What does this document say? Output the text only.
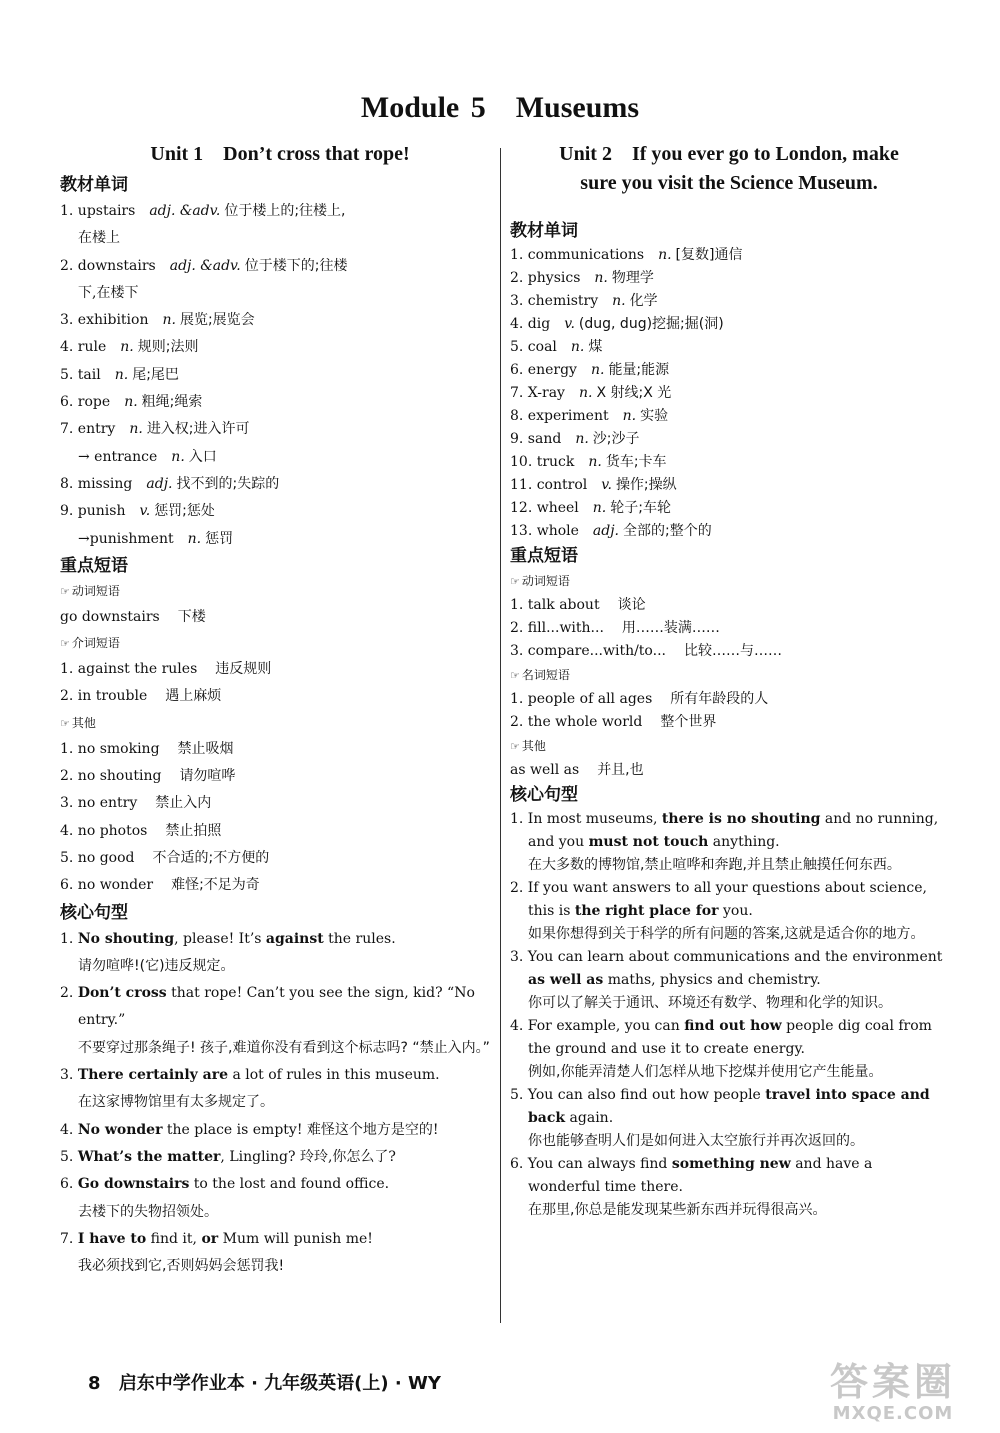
Module 5　Museums
Unit 1　Don’t cross that rope!
教材单词
1. upstairs adj. &adv. 位于楼上的;往楼上,
在楼上
2. downstairs adj. &adv. 位于楼下的;往楼
下,在楼下
3. exhibition n. 展览;展览会
4. rule n. 规则;法则
5. tail n. 尾;尾巴
6. rope n. 粗绳;绳索
7. entry n. 进入权;进入许可
→ entrance n. 入口
8. missing adj. 找不到的;失踪的
9. punish v. 惩罚;惩处
→punishment n. 惩罚
重点短语
☞ 动词短语
go downstairs 下楼
☞ 介词短语
1. against the rules 违反规则
2. in trouble 遇上麻烦
☞ 其他
1. no smoking 禁止吸烟
2. no shouting 请勿喧哗
3. no entry 禁止入内
4. no photos 禁止拍照
5. no good 不合适的;不方便的
6. no wonder 难怪;不足为奇
核心句型
1. No shouting, please! It’s against the rules.
请勿喧哗!(它)违反规定。
2. Don’t cross that rope! Can’t you see the sign, kid? “No entry.”
不要穿过那条绳子! 孩子,难道你没有看到这个标志吗? “禁止入内。”
3. There certainly are a lot of rules in this museum.
在这家博物馆里有太多规定了。
4. No wonder the place is empty! 难怪这个地方是空的!
5. What’s the matter, Lingling? 玲玲,你怎么了?
6. Go downstairs to the lost and found office.
去楼下的失物招领处。
7. I have to find it, or Mum will punish me!
我必须找到它,否则妈妈会惩罚我!
Unit 2　If you ever go to London, make
sure you visit the Science Museum.
教材单词
1. communications n. [复数]通信
2. physics n. 物理学
3. chemistry n. 化学
4. dig v. (dug, dug)挖掘;掘(洞)
5. coal n. 煤
6. energy n. 能量;能源
7. X-ray n. X 射线;X 光
8. experiment n. 实验
9. sand n. 沙;沙子
10. truck n. 货车;卡车
11. control v. 操作;操纵
12. wheel n. 轮子;车轮
13. whole adj. 全部的;整个的
重点短语
☞ 动词短语
1. talk about 谈论
2. fill...with... 用……装满……
3. compare...with/to... 比较……与……
☞ 名词短语
1. people of all ages 所有年龄段的人
2. the whole world 整个世界
☞ 其他
as well as 并且,也
核心句型
1. In most museums, there is no shouting and no running, and you must not touch anything.
在大多数的博物馆,禁止喧哗和奔跑,并且禁止触摸任何东西。
2. If you want answers to all your questions about science, this is the right place for you.
如果你想得到关于科学的所有问题的答案,这就是适合你的地方。
3. You can learn about communications and the environment as well as maths, physics and chemistry.
你可以了解关于通讯、环境还有数学、物理和化学的知识。
4. For example, you can find out how people dig coal from the ground and use it to create energy.
例如,你能弄清楚人们怎样从地下挖煤并使用它产生能量。
5. You can also find out how people travel into space and back again.
你也能够查明人们是如何进入太空旅行并再次返回的。
6. You can always find something new and have a wonderful time there.
在那里,你总是能发现某些新东西并玩得很高兴。
8 启东中学作业本 · 九年级英语(上) · WY	答案圈
MXQE.COM
